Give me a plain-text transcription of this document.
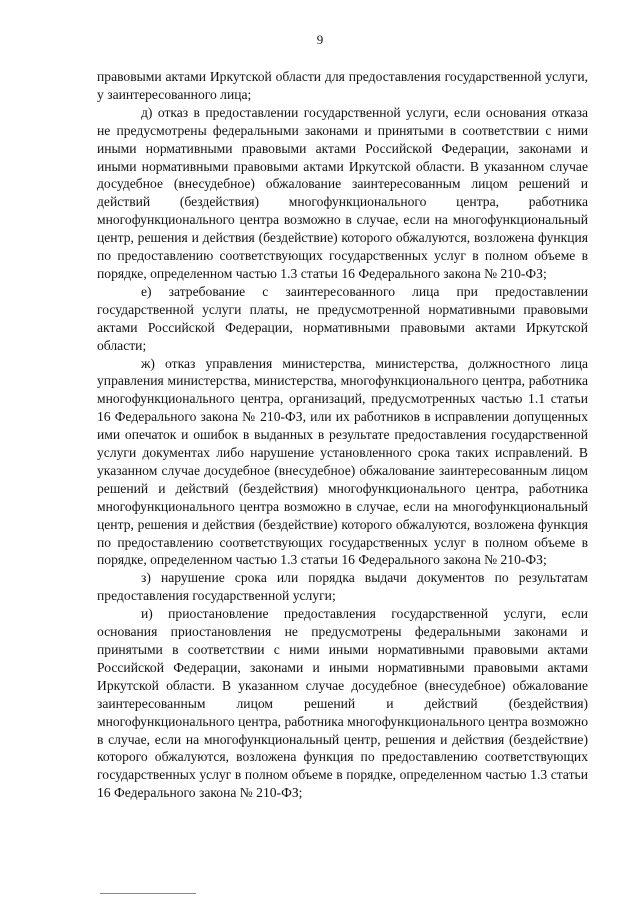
9

правовыми актами Иркутской области для предоставления государственной услуги, у заинтересованного лица;

д) отказ в предоставлении государственной услуги, если основания отказа не предусмотрены федеральными законами и принятыми в соответствии с ними иными нормативными правовыми актами Российской Федерации, законами и иными нормативными правовыми актами Иркутской области. В указанном случае досудебное (внесудебное) обжалование заинтересованным лицом решений и действий (бездействия) многофункционального центра, работника многофункционального центра возможно в случае, если на многофункциональный центр, решения и действия (бездействие) которого обжалуются, возложена функция по предоставлению соответствующих государственных услуг в полном объеме в порядке, определенном частью 1.3 статьи 16 Федерального закона № 210-ФЗ;

е) затребование с заинтересованного лица при предоставлении государственной услуги платы, не предусмотренной нормативными правовыми актами Российской Федерации, нормативными правовыми актами Иркутской области;

ж) отказ управления министерства, министерства, должностного лица управления министерства, министерства, многофункционального центра, работника многофункционального центра, организаций, предусмотренных частью 1.1 статьи 16 Федерального закона № 210-ФЗ, или их работников в исправлении допущенных ими опечаток и ошибок в выданных в результате предоставления государственной услуги документах либо нарушение установленного срока таких исправлений. В указанном случае досудебное (внесудебное) обжалование заинтересованным лицом решений и действий (бездействия) многофункционального центра, работника многофункционального центра возможно в случае, если на многофункциональный центр, решения и действия (бездействие) которого обжалуются, возложена функция по предоставлению соответствующих государственных услуг в полном объеме в порядке, определенном частью 1.3 статьи 16 Федерального закона № 210-ФЗ;

з) нарушение срока или порядка выдачи документов по результатам предоставления государственной услуги;

и) приостановление предоставления государственной услуги, если основания приостановления не предусмотрены федеральными законами и принятыми в соответствии с ними иными нормативными правовыми актами Российской Федерации, законами и иными нормативными правовыми актами Иркутской области. В указанном случае досудебное (внесудебное) обжалование заинтересованным лицом решений и действий (бездействия) многофункционального центра, работника многофункционального центра возможно в случае, если на многофункциональный центр, решения и действия (бездействие) которого обжалуются, возложена функция по предоставлению соответствующих государственных услуг в полном объеме в порядке, определенном частью 1.3 статьи 16 Федерального закона № 210-ФЗ;
